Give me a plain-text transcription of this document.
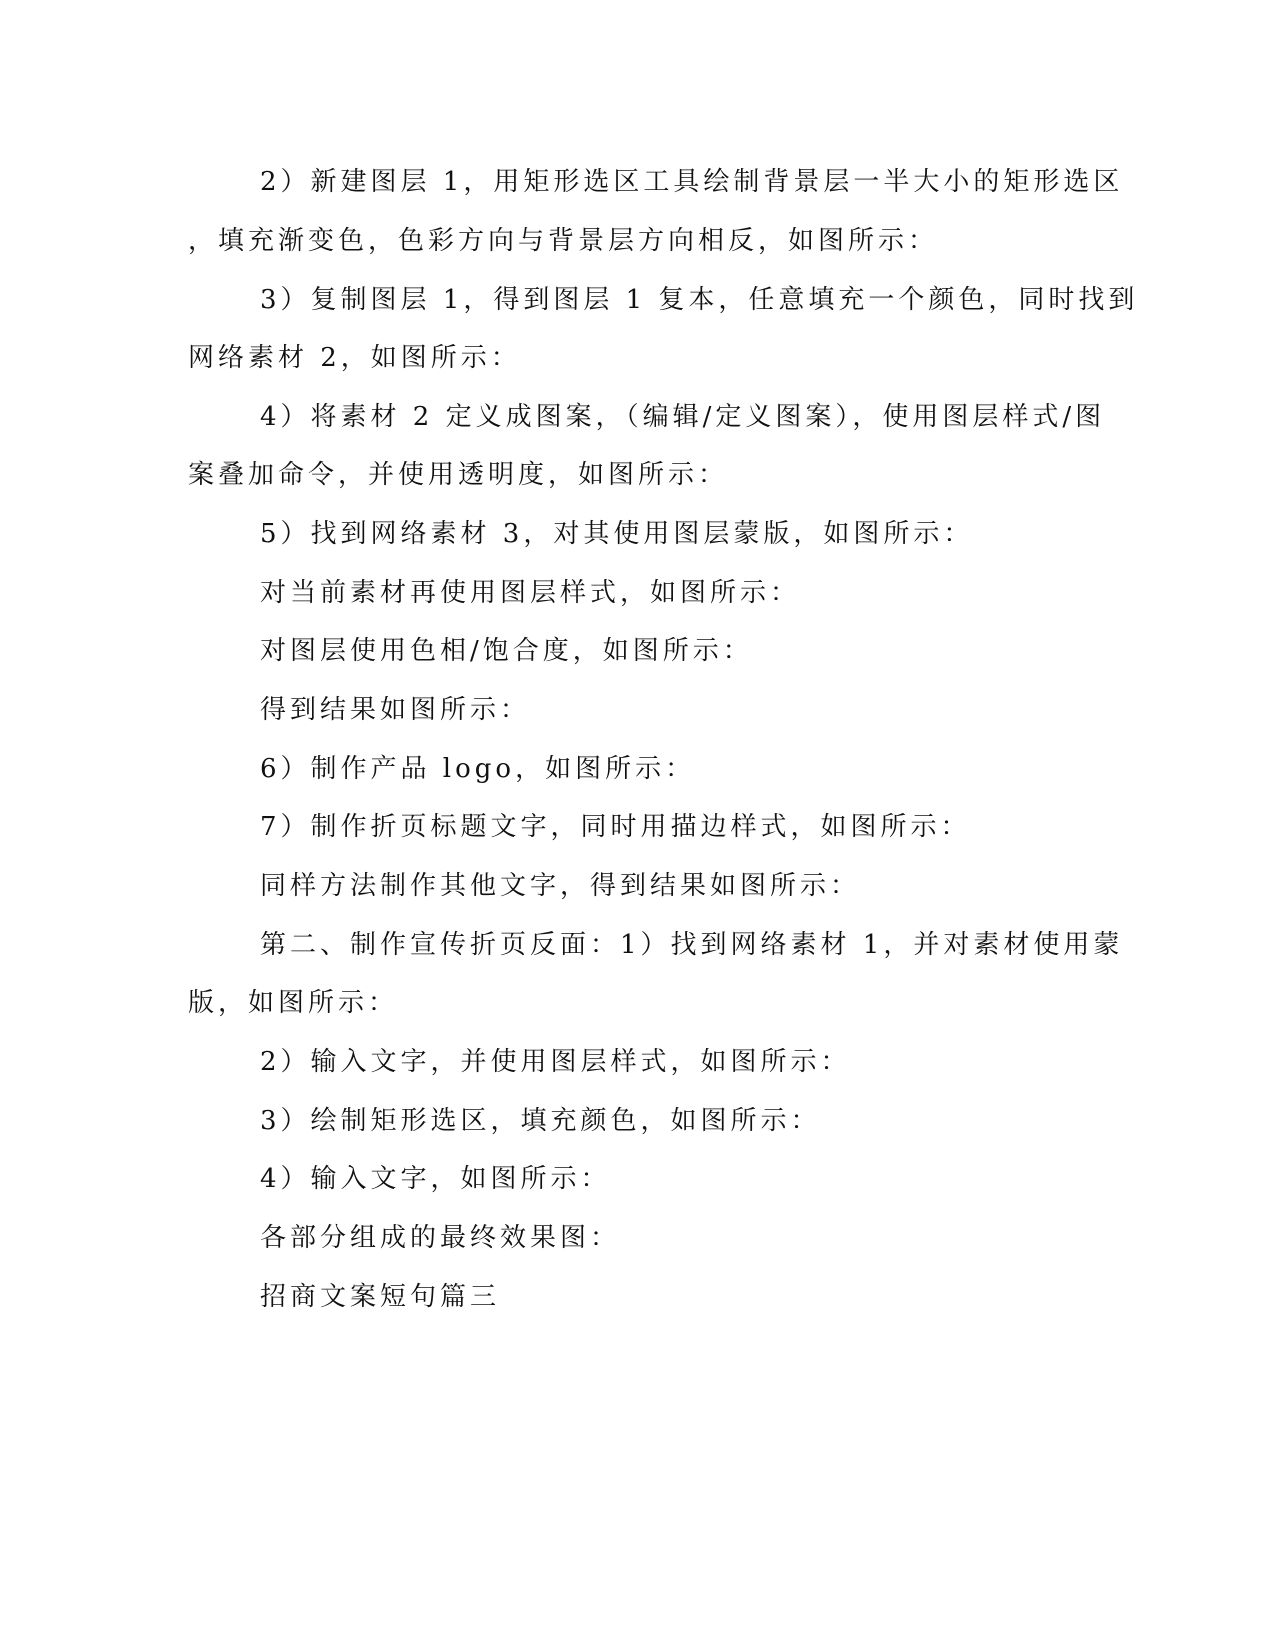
2）新建图层 1，用矩形选区工具绘制背景层一半大小的矩形选区
，填充渐变色，色彩方向与背景层方向相反，如图所示：
3）复制图层 1，得到图层 1 复本，任意填充一个颜色，同时找到
网络素材 2，如图所示：
4）将素材 2 定义成图案，（编辑/定义图案），使用图层样式/图
案叠加命令，并使用透明度，如图所示：
5）找到网络素材 3，对其使用图层蒙版，如图所示：
对当前素材再使用图层样式，如图所示：
对图层使用色相/饱合度，如图所示：
得到结果如图所示：
6）制作产品 logo，如图所示：
7）制作折页标题文字，同时用描边样式，如图所示：
同样方法制作其他文字，得到结果如图所示：
第二、制作宣传折页反面：1）找到网络素材 1，并对素材使用蒙
版，如图所示：
2）输入文字，并使用图层样式，如图所示：
3）绘制矩形选区，填充颜色，如图所示：
4）输入文字，如图所示：
各部分组成的最终效果图：
招商文案短句篇三
